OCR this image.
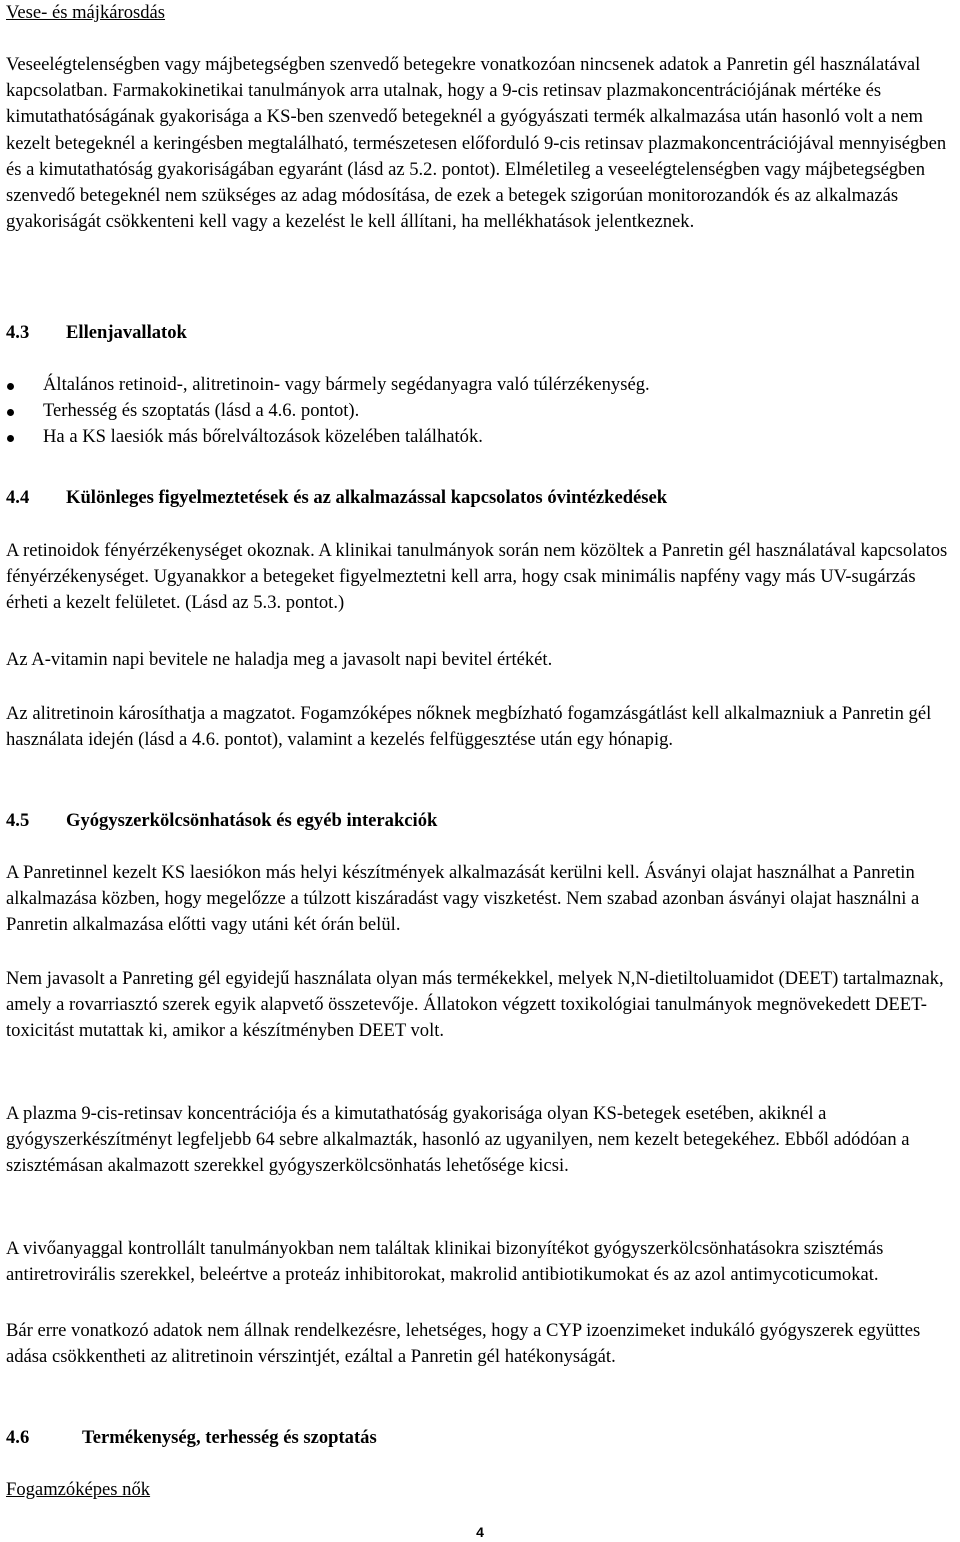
Vese- és májkárosdás

Veseelégtelenségben vagy májbetegségben szenvedő betegekre vonatkozóan nincsenek adatok a Panretin gél használatával kapcsolatban. Farmakokinetikai tanulmányok arra utalnak, hogy a 9-cis retinsav plazmakoncentrációjának mértéke és kimutathatóságának gyakorisága a KS-ben szenvedő betegeknél a gyógyászati termék alkalmazása után hasonló volt a nem kezelt betegeknél a keringésben megtalálható, természetesen előforduló 9-cis retinsav plazmakoncentrációjával mennyiségben és a kimutathatóság gyakoriságában egyaránt (lásd az 5.2. pontot). Elméletileg a veseelégtelenségben vagy májbetegségben szenvedő betegeknél nem szükséges az adag módosítása, de ezek a betegek szigorúan monitorozandók és az alkalmazás gyakoriságát csökkenteni kell vagy a kezelést le kell állítani, ha mellékhatások jelentkeznek.

4.3	Ellenjavallatok
Általános retinoid-, alitretinoin- vagy bármely segédanyagra való túlérzékenység.
Terhesség és szoptatás (lásd a 4.6. pontot).
Ha a KS laesiók más bőrelváltozások közelében találhatók.
4.4	Különleges figyelmeztetések és az alkalmazással kapcsolatos óvintézkedések

A retinoidok fényérzékenységet okoznak. A klinikai tanulmányok során nem közöltek a Panretin gél használatával kapcsolatos fényérzékenységet. Ugyanakkor a betegeket figyelmeztetni kell arra, hogy csak minimális napfény vagy más UV-sugárzás érheti a kezelt felületet. (Lásd az 5.3. pontot.)

Az A-vitamin napi bevitele ne haladja meg a javasolt napi bevitel értékét.

Az alitretinoin károsíthatja a magzatot. Fogamzóképes nőknek megbízható fogamzásgátlást kell alkalmazniuk a Panretin gél használata idején (lásd a 4.6. pontot), valamint a kezelés felfüggesztése után egy hónapig.

4.5	Gyógyszerkölcsönhatások és egyéb interakciók

A Panretinnel kezelt KS laesiókon más helyi készítmények alkalmazását kerülni kell. Ásványi olajat használhat a Panretin alkalmazása közben, hogy megelőzze a túlzott kiszáradást vagy viszketést. Nem szabad azonban ásványi olajat használni a Panretin alkalmazása előtti vagy utáni két órán belül.

Nem javasolt a Panreting gél egyidejű használata olyan más termékekkel, melyek N,N-dietiltoluamidot (DEET) tartalmaznak, amely a rovarriasztó szerek egyik alapvető összetevője. Állatokon végzett toxikológiai tanulmányok megnövekedett DEET-toxicitást mutattak ki, amikor a készítményben DEET volt.

A plazma 9-cis-retinsav koncentrációja és a kimutathatóság gyakorisága olyan KS-betegek esetében, akiknél a gyógyszerkészítményt legfeljebb 64 sebre alkalmazták, hasonló az ugyanilyen, nem kezelt betegekéhez. Ebből adódóan a szisztémásan akalmazott szerekkel gyógyszerkölcsönhatás lehetősége kicsi.

A vivőanyaggal kontrollált tanulmányokban nem találtak klinikai bizonyítékot gyógyszerkölcsönhatásokra szisztémás antiretrovirális szerekkel, beleértve a proteáz inhibitorokat, makrolid antibiotikumokat és az azol antimycoticumokat.

Bár erre vonatkozó adatok nem állnak rendelkezésre, lehetséges, hogy a CYP izoenzimeket indukáló gyógyszerek együttes adása csökkentheti az alitretinoin vérszintjét, ezáltal a Panretin gél hatékonyságát.

4.6	Termékenység, terhesség és szoptatás
Fogamzóképes nők
4
